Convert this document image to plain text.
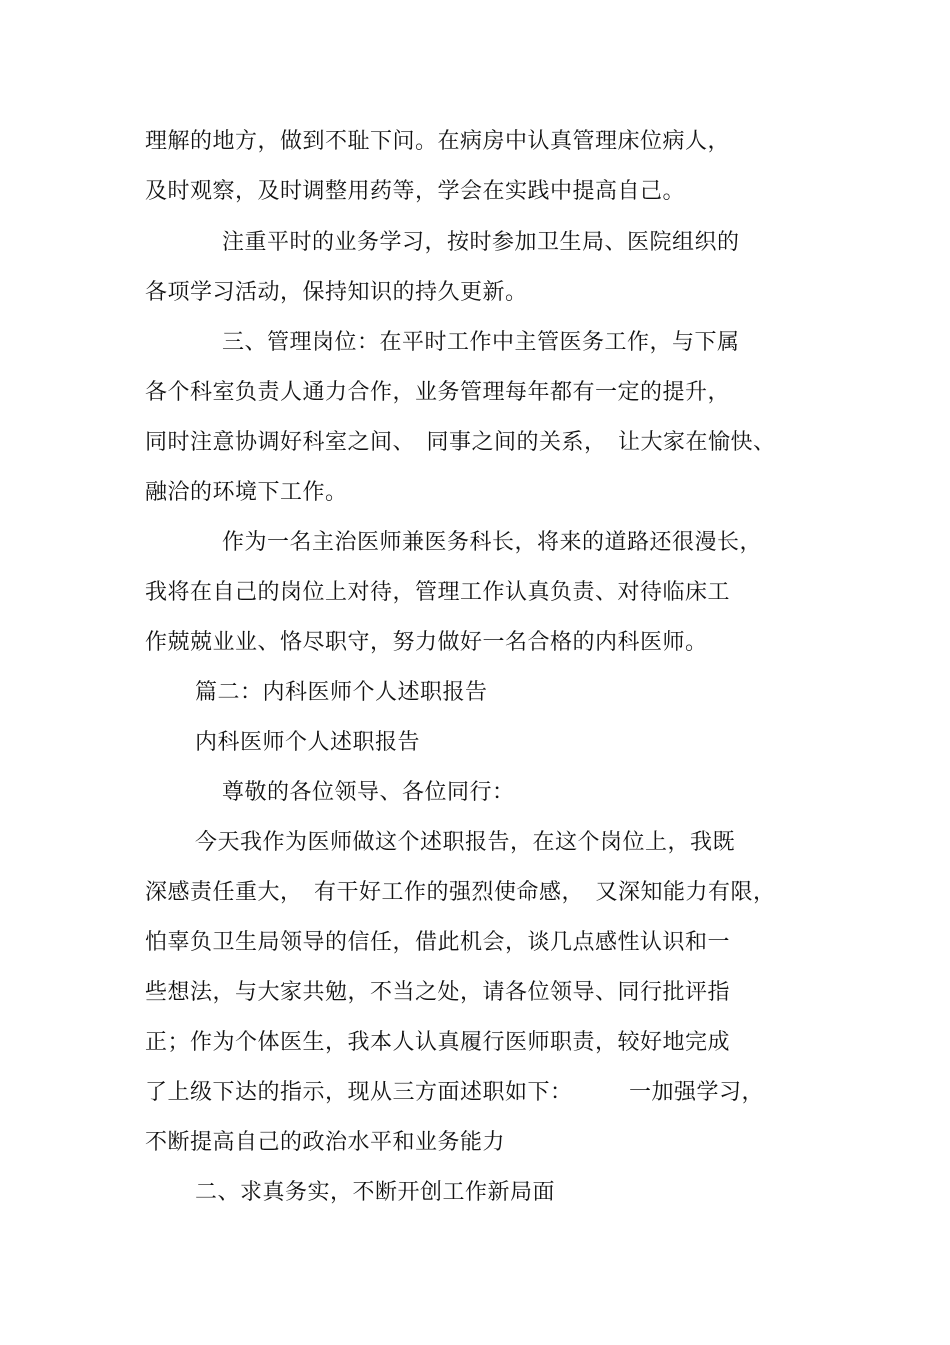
理解的地方，做到不耻下问。在病房中认真管理床位病人，
及时观察，及时调整用药等，学会在实践中提高自己。
注重平时的业务学习，按时参加卫生局、医院组织的
各项学习活动，保持知识的持久更新。
三、管理岗位：在平时工作中主管医务工作，与下属
各个科室负责人通力合作，业务管理每年都有一定的提升，
同时注意协调好科室之间、　同事之间的关系，　让大家在愉快、
融洽的环境下工作。
作为一名主治医师兼医务科长，将来的道路还很漫长，
我将在自己的岗位上对待，管理工作认真负责、对待临床工
作兢兢业业、恪尽职守，努力做好一名合格的内科医师。
篇二：内科医师个人述职报告
内科医师个人述职报告
尊敬的各位领导、各位同行：
今天我作为医师做这个述职报告，在这个岗位上，我既
深感责任重大，　有干好工作的强烈使命感，　又深知能力有限，
怕辜负卫生局领导的信任，借此机会，谈几点感性认识和一
些想法，与大家共勉，不当之处，请各位领导、同行批评指
正；作为个体医生，我本人认真履行医师职责，较好地完成
了上级下达的指示，现从三方面述职如下：　　　一加强学习，
不断提高自己的政治水平和业务能力
二、求真务实，不断开创工作新局面
